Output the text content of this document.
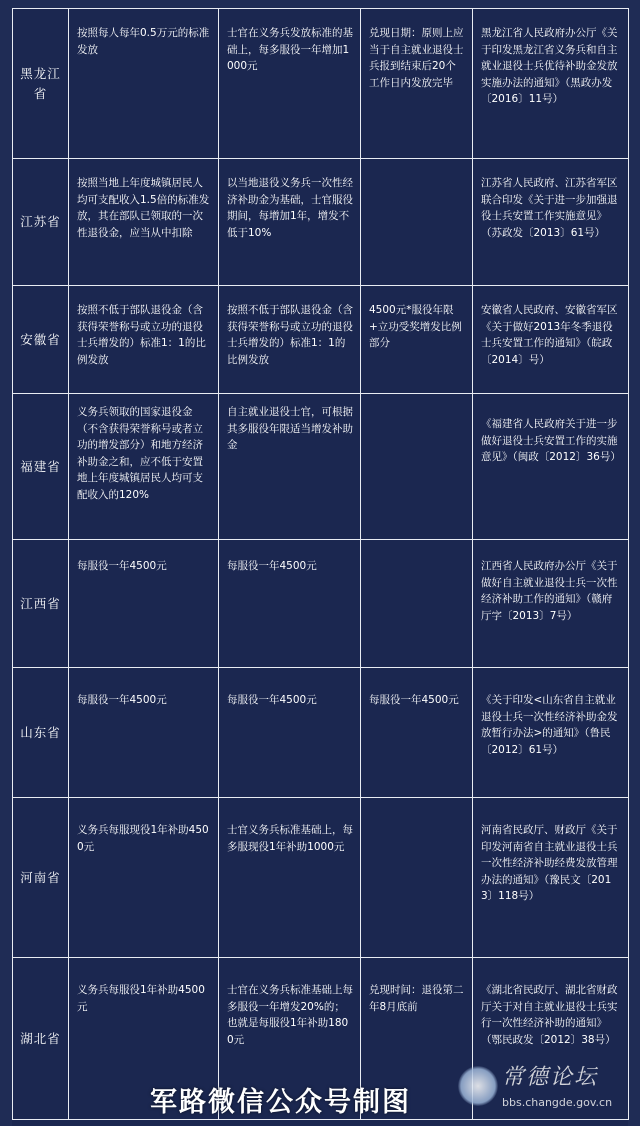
黑龙江省	按照每人每年0.5万元的标准发放	士官在义务兵发放标准的基础上，每多服役一年增加1000元	兑现日期：原则上应当于自主就业退役士兵报到结束后20个工作日内发放完毕	黑龙江省人民政府办公厅《关于印发黑龙江省义务兵和自主就业退役士兵优待补助金发放实施办法的通知》（黑政办发〔2016〕11号）
江苏省	按照当地上年度城镇居民人均可支配收入1.5倍的标准发放，其在部队已领取的一次性退役金，应当从中扣除	以当地退役义务兵一次性经济补助金为基础，士官服役期间，每增加1年，增发不低于10%		江苏省人民政府、江苏省军区联合印发《关于进一步加强退役士兵安置工作实施意见》（苏政发〔2013〕61号）
安徽省	按照不低于部队退役金（含获得荣誉称号或立功的退役士兵增发的）标准1：1的比例发放	按照不低于部队退役金（含获得荣誉称号或立功的退役士兵增发的）标准1：1的比例发放	4500元*服役年限+立功受奖增发比例部分	安徽省人民政府、安徽省军区《关于做好2013年冬季退役士兵安置工作的通知》（皖政〔2014〕号）
福建省	义务兵领取的国家退役金（不含获得荣誉称号或者立功的增发部分）和地方经济补助金之和，应不低于安置地上年度城镇居民人均可支配收入的120%	自主就业退役士官，可根据其多服役年限适当增发补助金		《福建省人民政府关于进一步做好退役士兵安置工作的实施意见》（闽政〔2012〕36号）
江西省	每服役一年4500元	每服役一年4500元		江西省人民政府办公厅《关于做好自主就业退役士兵一次性经济补助工作的通知》（赣府厅字〔2013〕7号）
山东省	每服役一年4500元	每服役一年4500元	每服役一年4500元	《关于印发<山东省自主就业退役士兵一次性经济补助金发放暂行办法>的通知》（鲁民〔2012〕61号）
河南省	义务兵每服现役1年补助4500元	士官义务兵标准基础上，每多服现役1年补助1000元		河南省民政厅、财政厅《关于印发河南省自主就业退役士兵一次性经济补助经费发放管理办法的通知》（豫民文〔2013〕118号）
湖北省	义务兵每服役1年补助4500元	士官在义务兵标准基础上每多服役一年增发20%的；也就是每服役1年补助1800元	兑现时间：退役第二年8月底前	《湖北省民政厅、湖北省财政厅关于对自主就业退役士兵实行一次性经济补助的通知》（鄂民政发〔2012〕38号）
军路微信公众号制图
常德论坛
bbs.changde.gov.cn
